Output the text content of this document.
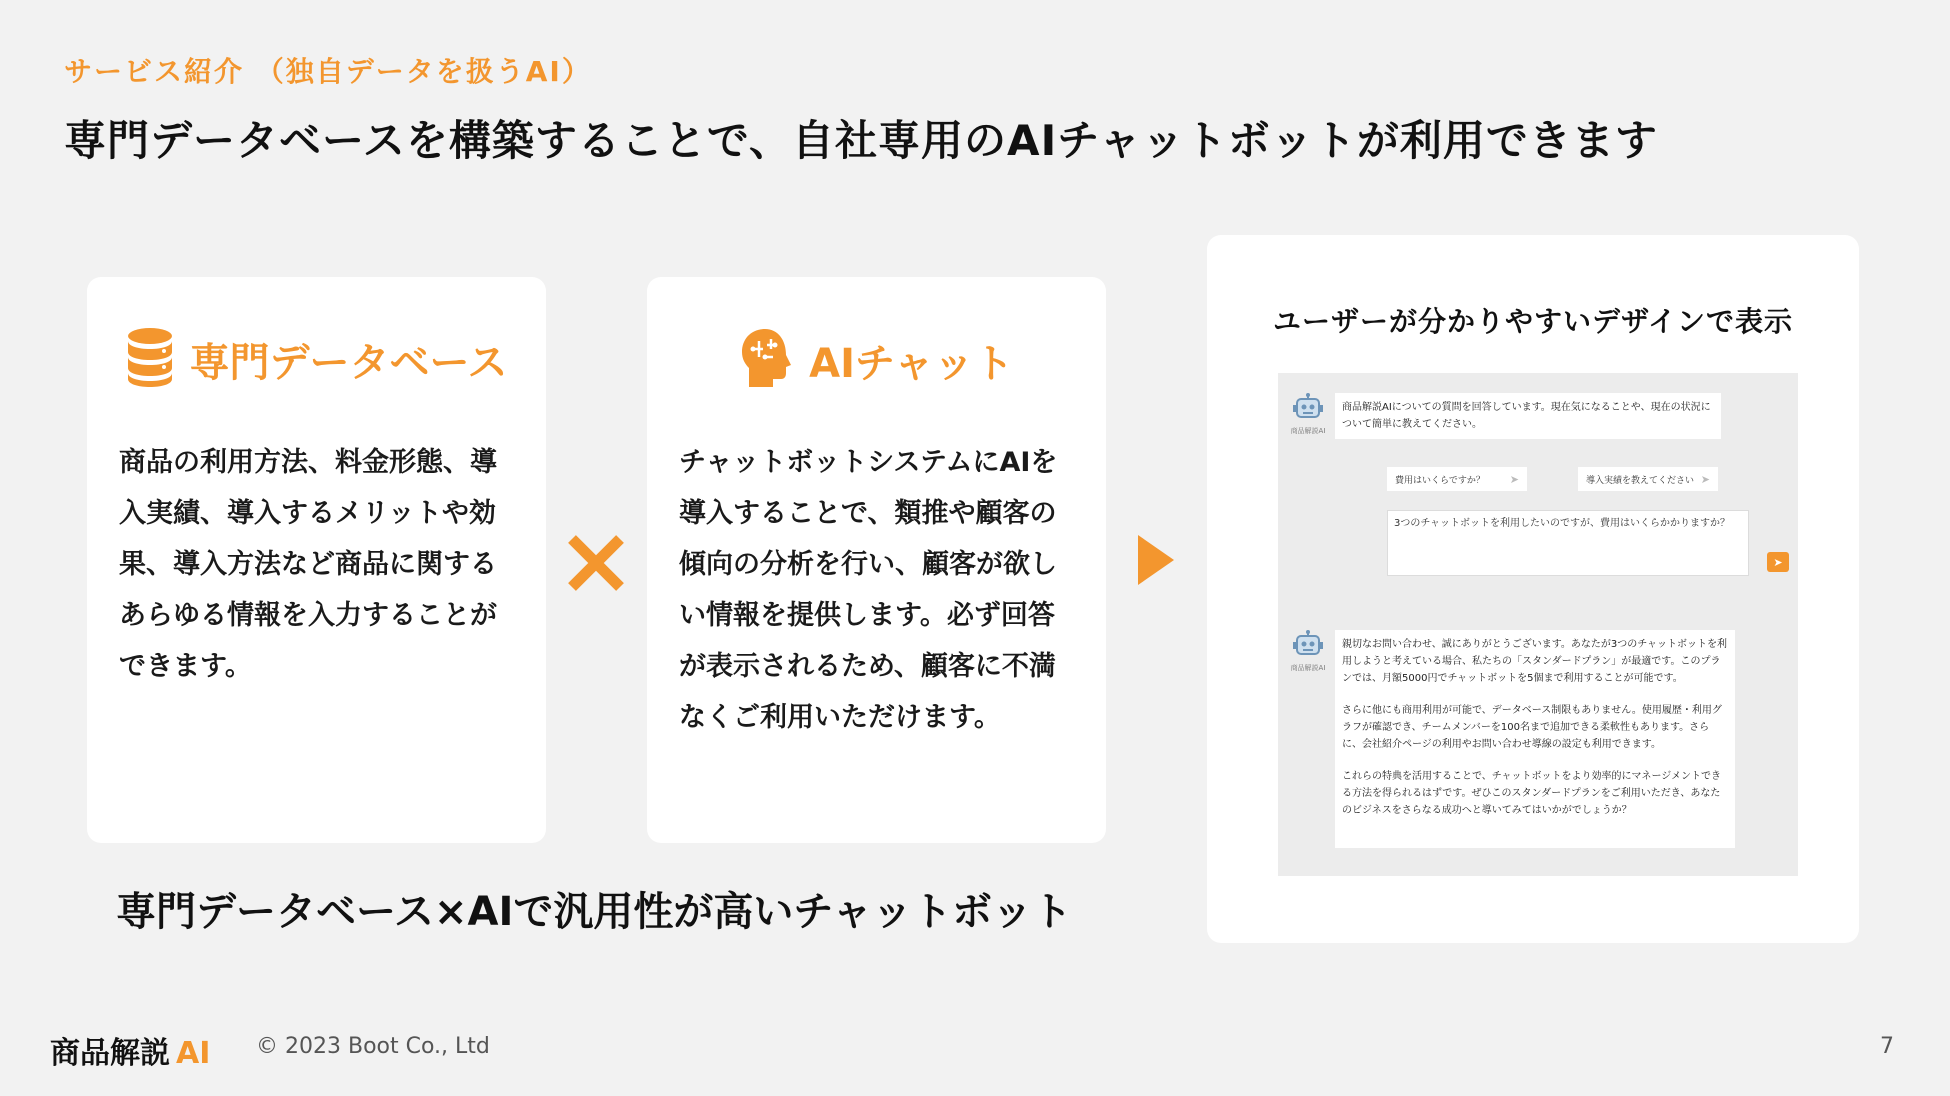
サービス紹介 （独自データを扱うAI）
専門データベースを構築することで、自社専用のAIチャットボットが利用できます
専門データベース
商品の利用方法、料金形態、導入実績、導入するメリットや効果、導入方法など商品に関するあらゆる情報を入力することができます。
AIチャット
チャットボットシステムにAIを導入することで、類推や顧客の傾向の分析を行い、顧客が欲しい情報を提供します。必ず回答が表示されるため、顧客に不満なくご利用いただけます。
専門データベース×AIで汎用性が高いチャットボット
ユーザーが分かりやすいデザインで表示
商品解説AI
商品解説AIについての質問を回答しています。現在気になることや、現在の状況について簡単に教えてください。
費用はいくらですか？ ➤	導入実績を教えてください ➤
3つのチャットボットを利用したいのですが、費用はいくらかかりますか？
➤
商品解説AI

親切なお問い合わせ、誠にありがとうございます。あなたが3つのチャットボットを利用しようと考えている場合、私たちの「スタンダードプラン」が最適です。このプランでは、月額5000円でチャットボットを5個まで利用することが可能です。

さらに他にも商用利用が可能で、データベース制限もありません。使用履歴・利用グラフが確認でき、チームメンバーを100名まで追加できる柔軟性もあります。さらに、会社紹介ページの利用やお問い合わせ導線の設定も利用できます。

これらの特典を活用することで、チャットボットをより効率的にマネージメントできる方法を得られるはずです。ぜひこのスタンダードプランをご利用いただき、あなたのビジネスをさらなる成功へと導いてみてはいかがでしょうか？

商品解説 AI © 2023 Boot Co., Ltd	7
